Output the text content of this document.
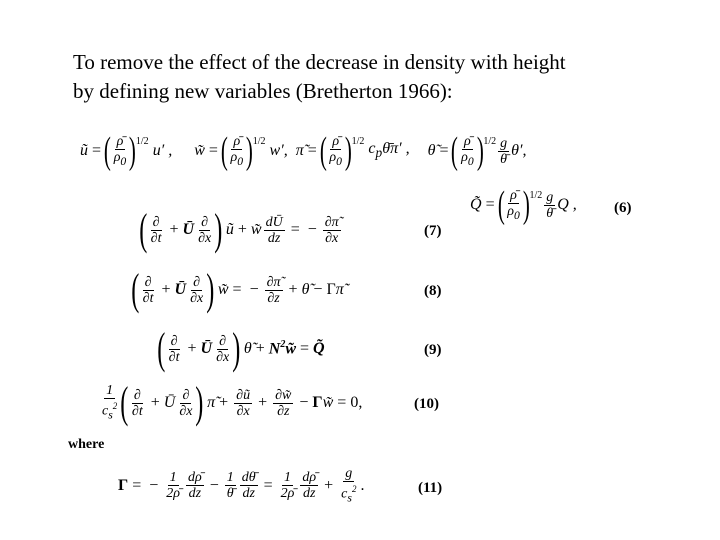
To remove the effect of the decrease in density with height
by defining new variables (Bretherton 1966):
ũ = ( $\frac{\rhō}{\rho_0} )^{1/2}$
u′ , w̃ = ( $\frac{\rhō}{\rho_0} )^{1/2}$
w′, π̃ = ( $\frac{\rhō}{\rho_0} )^{1/2}$ $c_p\thetā\pi'$ , θ̃ = ( $\frac{\rhō}{\rho_0} )^{1/2} \frac{g}{\thetā} \theta'$,
Q̃ = ( $\frac{\rhō}{\rho_0} )^{1/2} \frac{g}{\thetā}$ Q , (6)
( $\frac{\partial}{\partial t}$ + Ū $\frac{\partial}{\partial x}$ ) ũ + w̃ $\frac{dŪ}{dz}$ = − $\frac{\partial\pĩ}{\partial x}$	(7)
( $\frac{\partial}{\partial t}$ + Ū $\frac{\partial}{\partial x}$ ) w̃ = − $\frac{\partial\pĩ}{\partial z}$ + θ̃ − Γ π̃	(8)
( $\frac{\partial}{\partial t}$ + Ū $\frac{\partial}{\partial x}$ ) θ̃ + $N^2w̃$ = Q̃	(9)
$\frac{1}{c_s^2}$ ( $\frac{\partial}{\partial t}$ + Ū $\frac{\partial}{\partial x}$ ) π̃ + $\frac{\partial ũ}{\partial x} + \frac{\partial w̃}{\partial z} - \Gamma$ w̃ = 0,	(10)
where
Γ = − $\frac{1}{2\rhō} \frac{d\rhō}{dz} - \frac{1}{\thetā} \frac{d\thetā}{dz} = \frac{1}{2\rhō} \frac{d\rhō}{dz} + \frac{g}{c_s^2}$ .	(11)
